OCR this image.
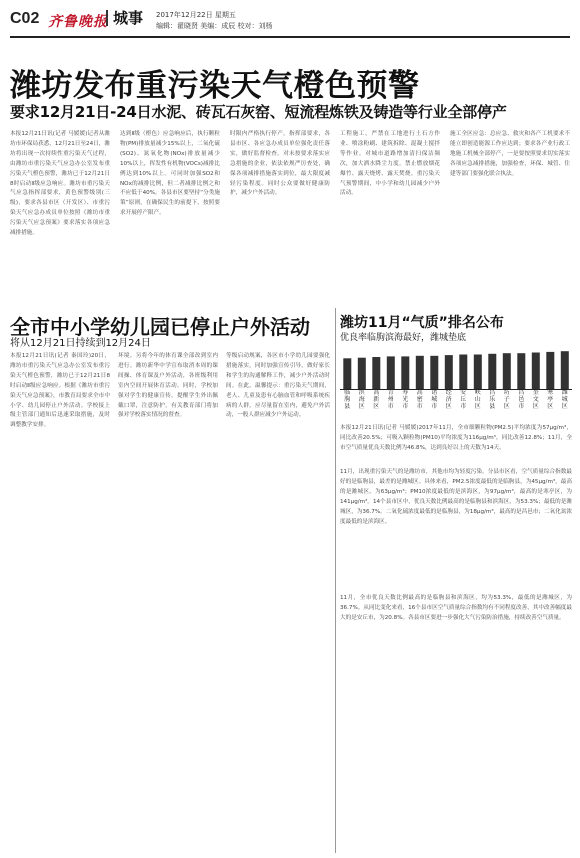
C02 齐鲁晚报 城事 2017年12月22日 星期五
编辑：翟晓贤 美编：成辰 校对：刘杨
潍坊发布重污染天气橙色预警
要求12月21日-24日水泥、砖瓦石灰窑、短流程炼铁及铸造等行业全部停产
本报12月21日讯(记者 马媛媛)记者从潍坊市环保局获悉，12月21日至24日，潍坊将出现一次持续性重污染天气过程，由潍坊市重污染天气应急办公室发布重污染天气橙色预警，潍坊已于12月21日8时启动Ⅱ级应急响应。潍坊市重污染天气应急指挥部要求，黄色预警级别(三级)，要求各县市区（开发区）、市重污染天气应急办成员单位按照《潍坊市重污染天气应急预案》要求落实各项应急减排措施。
达到Ⅱ级（橙色）应急响应后，执行颗粒物(PM)排放量减少15%以上，二氧化硫(SO2)、氮氧化物(NOx)排放量减少10%以上，挥发性有机物(VOCs)减排比例达到10%以上。可同时加强SO2和NOx的减排比例，但二者减排比例之和不应低于40%。各县市区要坚持“分类施策”原则，在确保民生的前提下，按照要求开展停产限产。
时限内严格执行停产，指挥部要求，各县市区、各应急办成员单位强化责任落实，做好监督检查。对未按要求落实应急措施的企业，依法依规严厉查处，确保各项减排措施落实到位，最大限度减轻污染程度。同时公众要做好健康防护，减少户外活动。
工程施工，严禁在工地进行土石方作业、喷涂粉刷、建筑拆除、混凝土搅拌等作业。对城市道路增加清扫保洁频次，加大洒水降尘力度。禁止燃放烟花爆竹、露天烧烤、露天焚烧。重污染天气预警期间，中小学和幼儿园减少户外活动。
施工全区应急：总应急、救灾和各产工机要求不能立即创造能源工作应达到；要求各产业行政工地施工机械全部停产，一是要按照要求切实落实各项应急减排措施，加强检查，环保、城管、住建等部门要强化联合执法。
全市中小学幼儿园已停止户外活动
将从12月21日持续到12月24日
本报12月21日讯(记者 秦国玲)20日，潍坊市重污染天气应急办公室发布重污染天气橙色预警，潍坊已于12月21日8时启动Ⅱ级应急响应。根据《潍坊市重污染天气应急预案》，市教育局要求全市中小学、幼儿园停止户外活动。学校接上级主管部门通知后迅速采取措施，及时调整教学安排。
坏境。另将今年的体育课全部改到室内进行。潍坊新华中学宣布取消本周的课间操、体育课及户外活动，各班级利用室内空间开展体育活动。同时，学校加强对学生的健康宣传，提醒学生外出佩戴口罩，注意防护。有关教育部门将加强对学校落实情况的督查。
等级启动规案，各区市小学幼儿园要强化措施落实，同时加强宣传引导，做好家长和学生的沟通解释工作，减少户外活动时间。在此，温馨提示：重污染天气期间，老人、儿童及患有心脑血管和呼吸系统疾病的人群，应尽量留在室内，避免户外活动，一般人群应减少户外运动。
潍坊11月“气质”排名公布
优良率临朐滨海最好，潍城垫底
临朐县
滨海区
高新区
青州市
寿光市
高密市
诸城市
经济区
安丘市
峡山区
昌乐县
坊子区
昌邑市
奎文区
寒亭区
潍城区
本报12月21日讯(记者 马媛媛)2017年11月，全市细颗粒物(PM2.5)平均浓度为57μg/m³，同比改善20.5%；可吸入颗粒物(PM10)平均浓度为116μg/m³，同比改善12.8%；11月，全市空气质量优良天数比例为46.8%，达到良好以上的天数为14天。
11月，出现重污染天气的是潍坊市，其他市均为轻度污染。分县市区看，空气质量综合指数最好的是临朐县，最差的是潍城区。具体来看，PM2.5浓度最低的是临朐县，为45μg/m³，最高的是潍城区，为63μg/m³；PM10浓度最低的是滨海区，为97μg/m³，最高的是寒亭区，为141μg/m³。14个县市区中，优良天数比例最高的是临朐县和滨海区，为53.3%；最低的是潍城区，为36.7%。二氧化硫浓度最低的是临朐县，为18μg/m³，最高的是昌邑市；二氧化氮浓度最低的是滨海区。
11月，全市优良天数比例最高的是临朐县和滨海区，均为53.3%，最低的是潍城区，为36.7%。从同比变化来看，16个县市区空气质量综合指数均有不同程度改善，其中改善幅度最大的是安丘市，为20.8%。各县市区要进一步强化大气污染防治措施，持续改善空气质量。
